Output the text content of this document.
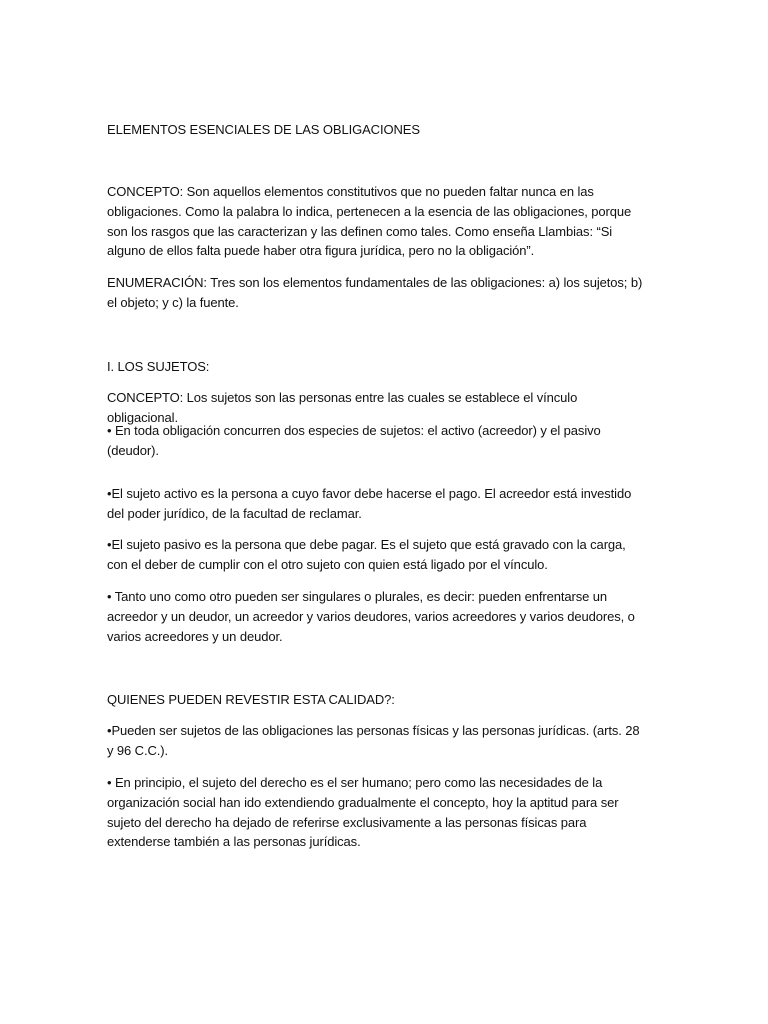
ELEMENTOS ESENCIALES DE LAS OBLIGACIONES
CONCEPTO: Son aquellos elementos constitutivos que no pueden faltar nunca en las obligaciones. Como la palabra lo indica, pertenecen a la esencia de las obligaciones, porque son los rasgos que las caracterizan y las definen como tales. Como enseña Llambias: “Si alguno de ellos falta puede haber otra figura jurídica, pero no la obligación”.
ENUMERACIÓN: Tres son los elementos fundamentales de las obligaciones: a) los sujetos; b) el objeto; y c) la fuente.
I. LOS SUJETOS:
CONCEPTO: Los sujetos son las personas entre las cuales se establece el vínculo obligacional.
• En toda obligación concurren dos especies de sujetos: el activo (acreedor) y el pasivo (deudor).
•El sujeto activo es la persona a cuyo favor debe hacerse el pago. El acreedor está investido del poder jurídico, de la facultad de reclamar.
•El sujeto pasivo es la persona que debe pagar. Es el sujeto que está gravado con la carga, con el deber de cumplir con el otro sujeto con quien está ligado por el vínculo.
• Tanto uno como otro pueden ser singulares o plurales, es decir: pueden enfrentarse un acreedor y un deudor, un acreedor y varios deudores, varios acreedores y varios deudores, o varios acreedores y un deudor.
QUIENES PUEDEN REVESTIR ESTA CALIDAD?:
•Pueden ser sujetos de las obligaciones las personas físicas y las personas jurídicas. (arts. 28 y 96 C.C.).
• En principio, el sujeto del derecho es el ser humano; pero como las necesidades de la organización social han ido extendiendo gradualmente el concepto, hoy la aptitud para ser sujeto del derecho ha dejado de referirse exclusivamente a las personas físicas para extenderse también a las personas jurídicas.
